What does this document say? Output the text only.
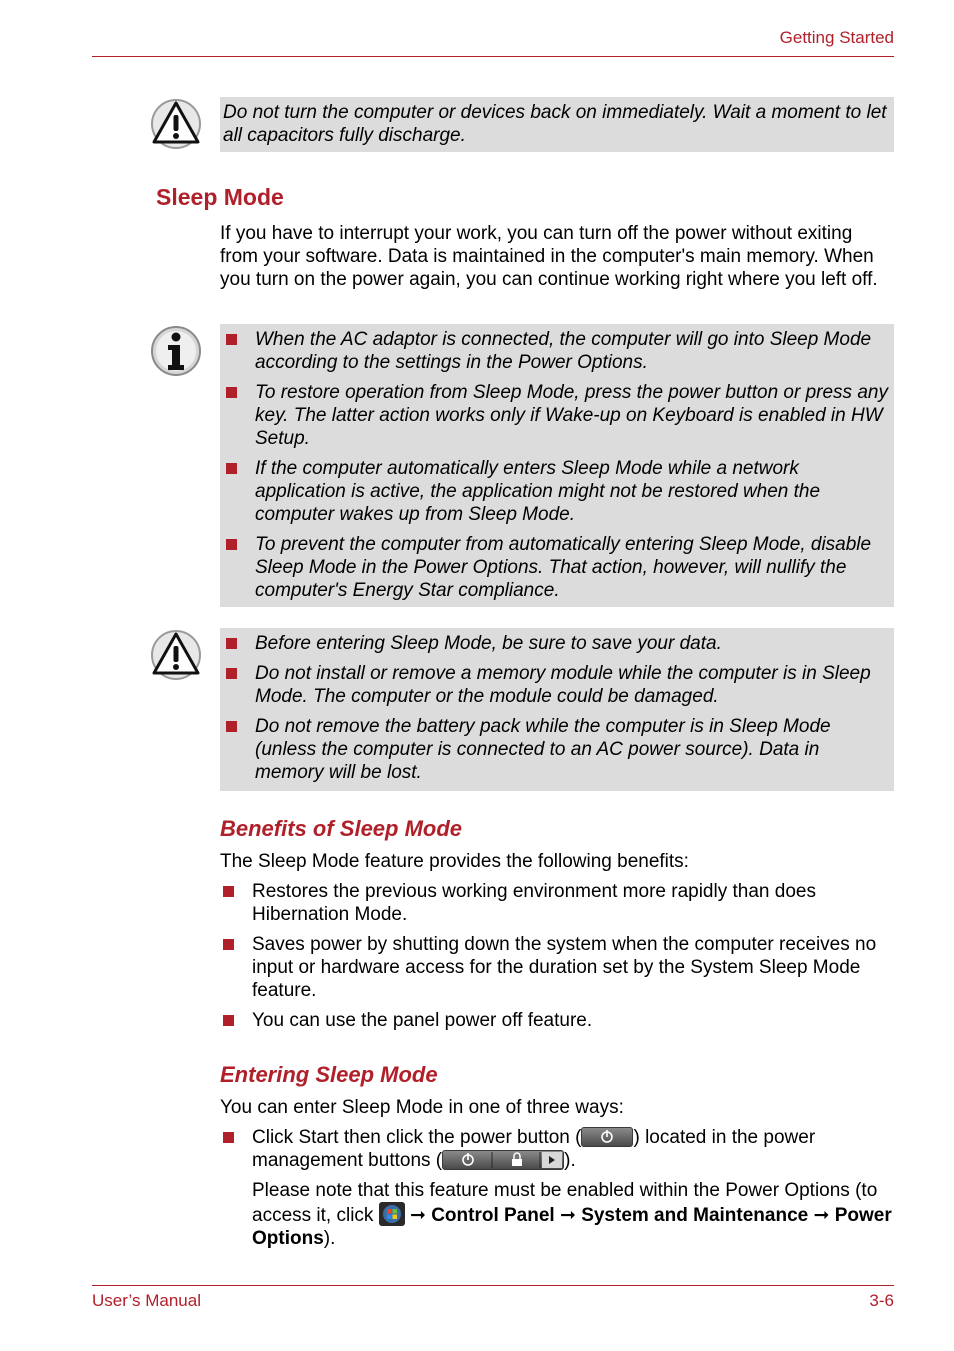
Getting Started
Do not turn the computer or devices back on immediately. Wait a moment to let all capacitors fully discharge.
Sleep Mode
If you have to interrupt your work, you can turn off the power without exiting from your software. Data is maintained in the computer's main memory. When you turn on the power again, you can continue working right where you left off.
When the AC adaptor is connected, the computer will go into Sleep Mode according to the settings in the Power Options.
To restore operation from Sleep Mode, press the power button or press any key. The latter action works only if Wake-up on Keyboard is enabled in HW Setup.
If the computer automatically enters Sleep Mode while a network application is active, the application might not be restored when the computer wakes up from Sleep Mode.
To prevent the computer from automatically entering Sleep Mode, disable Sleep Mode in the Power Options. That action, however, will nullify the computer's Energy Star compliance.
Before entering Sleep Mode, be sure to save your data.
Do not install or remove a memory module while the computer is in Sleep Mode. The computer or the module could be damaged.
Do not remove the battery pack while the computer is in Sleep Mode (unless the computer is connected to an AC power source). Data in memory will be lost.
Benefits of Sleep Mode
The Sleep Mode feature provides the following benefits:
Restores the previous working environment more rapidly than does Hibernation Mode.
Saves power by shutting down the system when the computer receives no input or hardware access for the duration set by the System Sleep Mode feature.
You can use the panel power off feature.
Entering Sleep Mode
You can enter Sleep Mode in one of three ways:
Click Start then click the power button (	) located in the power management buttons (	).
Please note that this feature must be enabled within the Power Options (to access it, click
➞ Control Panel ➞ System and Maintenance ➞ Power Options).
User’s Manual	3-6
